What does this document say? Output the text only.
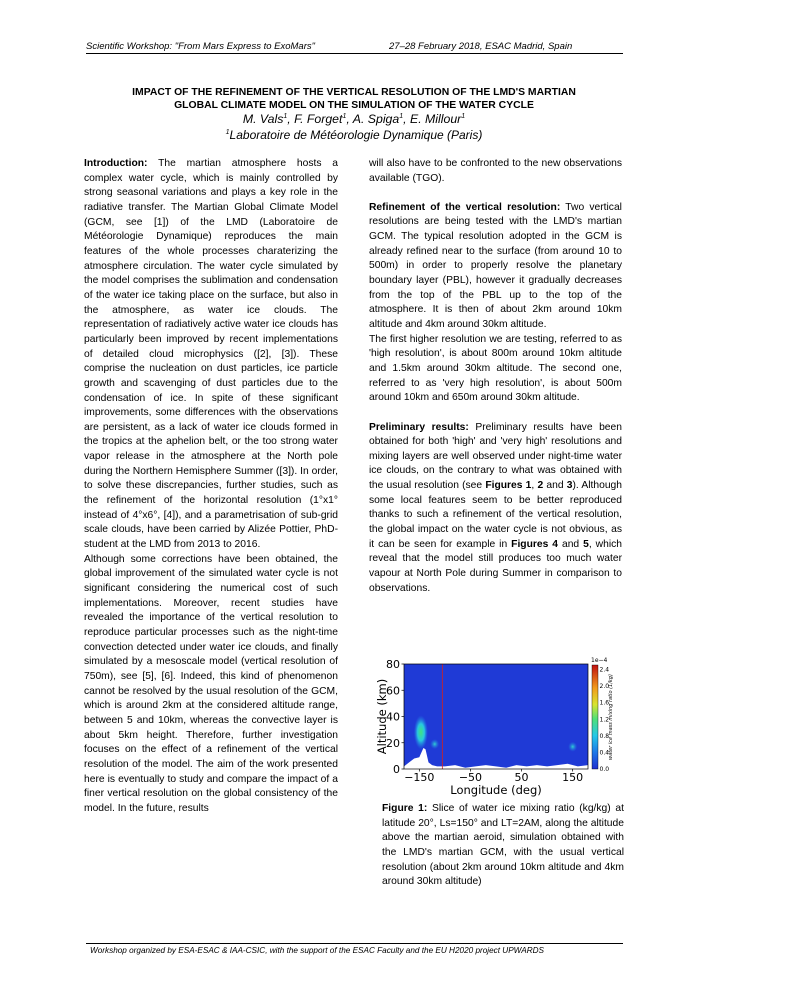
Scientific Workshop: "From Mars Express to ExoMars"	27–28 February 2018, ESAC Madrid, Spain
IMPACT OF THE REFINEMENT OF THE VERTICAL RESOLUTION OF THE LMD'S MARTIAN
GLOBAL CLIMATE MODEL ON THE SIMULATION OF THE WATER CYCLE
M. Vals$^1$, F. Forget$^1$, A. Spiga$^1$, E. Millour$^1$
$^1$Laboratoire de Météorologie Dynamique (Paris)

Introduction: The martian atmosphere hosts a complex water cycle, which is mainly controlled by strong seasonal variations and plays a key role in the radiative transfer. The Martian Global Climate Model (GCM, see [1]) of the LMD (Laboratoire de Météorologie Dynamique) reproduces the main features of the whole processes charaterizing the atmosphere circulation. The water cycle simulated by the model comprises the sublimation and condensation of the water ice taking place on the surface, but also in the atmosphere, as water ice clouds. The representation of radiatively active water ice clouds has particularly been improved by recent implementations of detailed cloud microphysics ([2], [3]). These comprise the nucleation on dust particles, ice particle growth and scavenging of dust particles due to the condensation of ice. In spite of these significant improvements, some differences with the observations are persistent, as a lack of water ice clouds formed in the tropics at the aphelion belt, or the too strong water vapor release in the atmosphere at the North pole during the Northern Hemisphere Summer ([3]). In order, to solve these discrepancies, further studies, such as the refinement of the horizontal resolution (1°x1° instead of 4°x6°, [4]), and a parametrisation of sub-grid scale clouds, have been carried by Alizée Pottier, PhD-student at the LMD from 2013 to 2016.

Although some corrections have been obtained, the global improvement of the simulated water cycle is not significant considering the numerical cost of such implementations. Moreover, recent studies have revealed the importance of the vertical resolution to reproduce particular processes such as the night-time convection detected under water ice clouds, and finally simulated by a mesoscale model (vertical resolution of 750m), see [5], [6]. Indeed, this kind of phenomenon cannot be resolved by the usual resolution of the GCM, which is around 2km at the considered altitude range, between 5 and 10km, whereas the convective layer is about 5km height. Therefore, further investigation focuses on the effect of a refinement of the vertical resolution of the model. The aim of the work presented here is eventually to study and compare the impact of a finer vertical resolution on the global consistency of the model. In the future, results

will also have to be confronted to the new observations available (TGO).

Refinement of the vertical resolution: Two vertical resolutions are being tested with the LMD's martian GCM. The typical resolution adopted in the GCM is already refined near to the surface (from around 10 to 500m) in order to properly resolve the planetary boundary layer (PBL), however it gradually decreases from the top of the PBL up to the top of the atmosphere. It is then of about 2km around 10km altitude and 4km around 30km altitude.

The first higher resolution we are testing, referred to as 'high resolution', is about 800m around 10km altitude and 1.5km around 30km altitude. The second one, referred to as 'very high resolution', is about 500m around 10km and 650m around 30km altitude.

Preliminary results: Preliminary results have been obtained for both 'high' and 'very high' resolutions and mixing layers are well observed under night-time water ice clouds, on the contrary to what was obtained with the usual resolution (see Figures 1, 2 and 3). Although some local features seem to be better reproduced thanks to such a refinement of the vertical resolution, the global impact on the water cycle is not obvious, as it can be seen for example in Figures 4 and 5, which reveal that the model still produces too much water vapour at North Pole during Summer in comparison to observations.

−150 −50	50	150
0
20
40
60
80
Longitude (deg)
Altitude (km)
1e−4
0.0
0.4
0.8
1.2
1.6
2.0
2.4
water ice mass mixing ratio (1/kg)
Figure 1: Slice of water ice mixing ratio (kg/kg) at latitude 20°, Ls=150° and LT=2AM, along the altitude above the martian aeroid, simulation obtained with the LMD's martian GCM, with the usual vertical resolution (about 2km around 10km altitude and 4km around 30km altitude)
Workshop organized by ESA-ESAC & IAA-CSIC, with the support of the ESAC Faculty and the EU H2020 project UPWARDS
